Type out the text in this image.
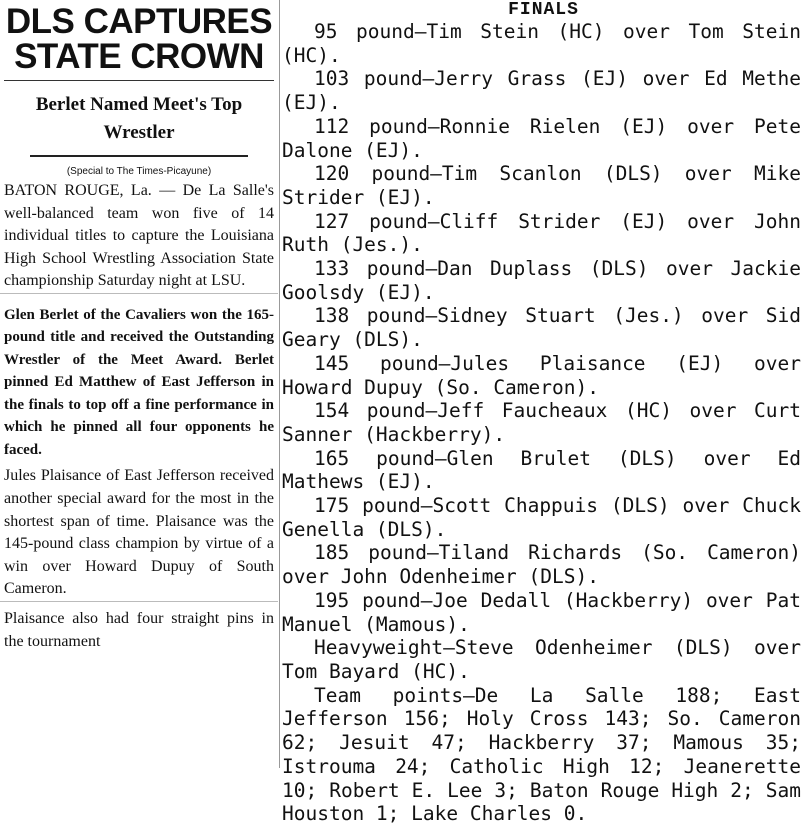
DLS CAPTURES
STATE CROWN
Berlet Named Meet's Top Wrestler
(Special to The Times-Picayune)

BATON ROUGE, La. — De La Salle's well-balanced team won five of 14 individual titles to capture the Louisiana High School Wrestling Association State championship Saturday night at LSU.

Glen Berlet of the Cavaliers won the 165-pound title and received the Outstanding Wrestler of the Meet Award. Berlet pinned Ed Matthew of East Jefferson in the finals to top off a fine performance in which he pinned all four opponents he faced.

Jules Plaisance of East Jefferson received another special award for the most in the shortest span of time. Plaisance was the 145-pound class champion by virtue of a win over Howard Dupuy of South Cameron.

Plaisance also had four straight pins in the tournament

FINALS

95 pound—Tim Stein (HC) over Tom Stein (HC).

103 pound—Jerry Grass (EJ) over Ed Methe (EJ).

112 pound—Ronnie Rielen (EJ) over Pete Dalone (EJ).

120 pound—Tim Scanlon (DLS) over Mike Strider (EJ).

127 pound—Cliff Strider (EJ) over John Ruth (Jes.).

133 pound—Dan Duplass (DLS) over Jackie Goolsdy (EJ).

138 pound—Sidney Stuart (Jes.) over Sid Geary (DLS).

145 pound—Jules Plaisance (EJ) over Howard Dupuy (So. Cameron).

154 pound—Jeff Faucheaux (HC) over Curt Sanner (Hackberry).

165 pound—Glen Brulet (DLS) over Ed Mathews (EJ).

175 pound—Scott Chappuis (DLS) over Chuck Genella (DLS).

185 pound—Tiland Richards (So. Cameron) over John Odenheimer (DLS).

195 pound—Joe Dedall (Hackberry) over Pat Manuel (Mamous).

Heavyweight—Steve Odenheimer (DLS) over Tom Bayard (HC).

Team points—De La Salle 188; East Jefferson 156; Holy Cross 143; So. Cameron 62; Jesuit 47; Hackberry 37; Mamous 35; Istrouma 24; Catholic High 12; Jeanerette 10; Robert E. Lee 3; Baton Rouge High 2; Sam Houston 1; Lake Charles 0.
